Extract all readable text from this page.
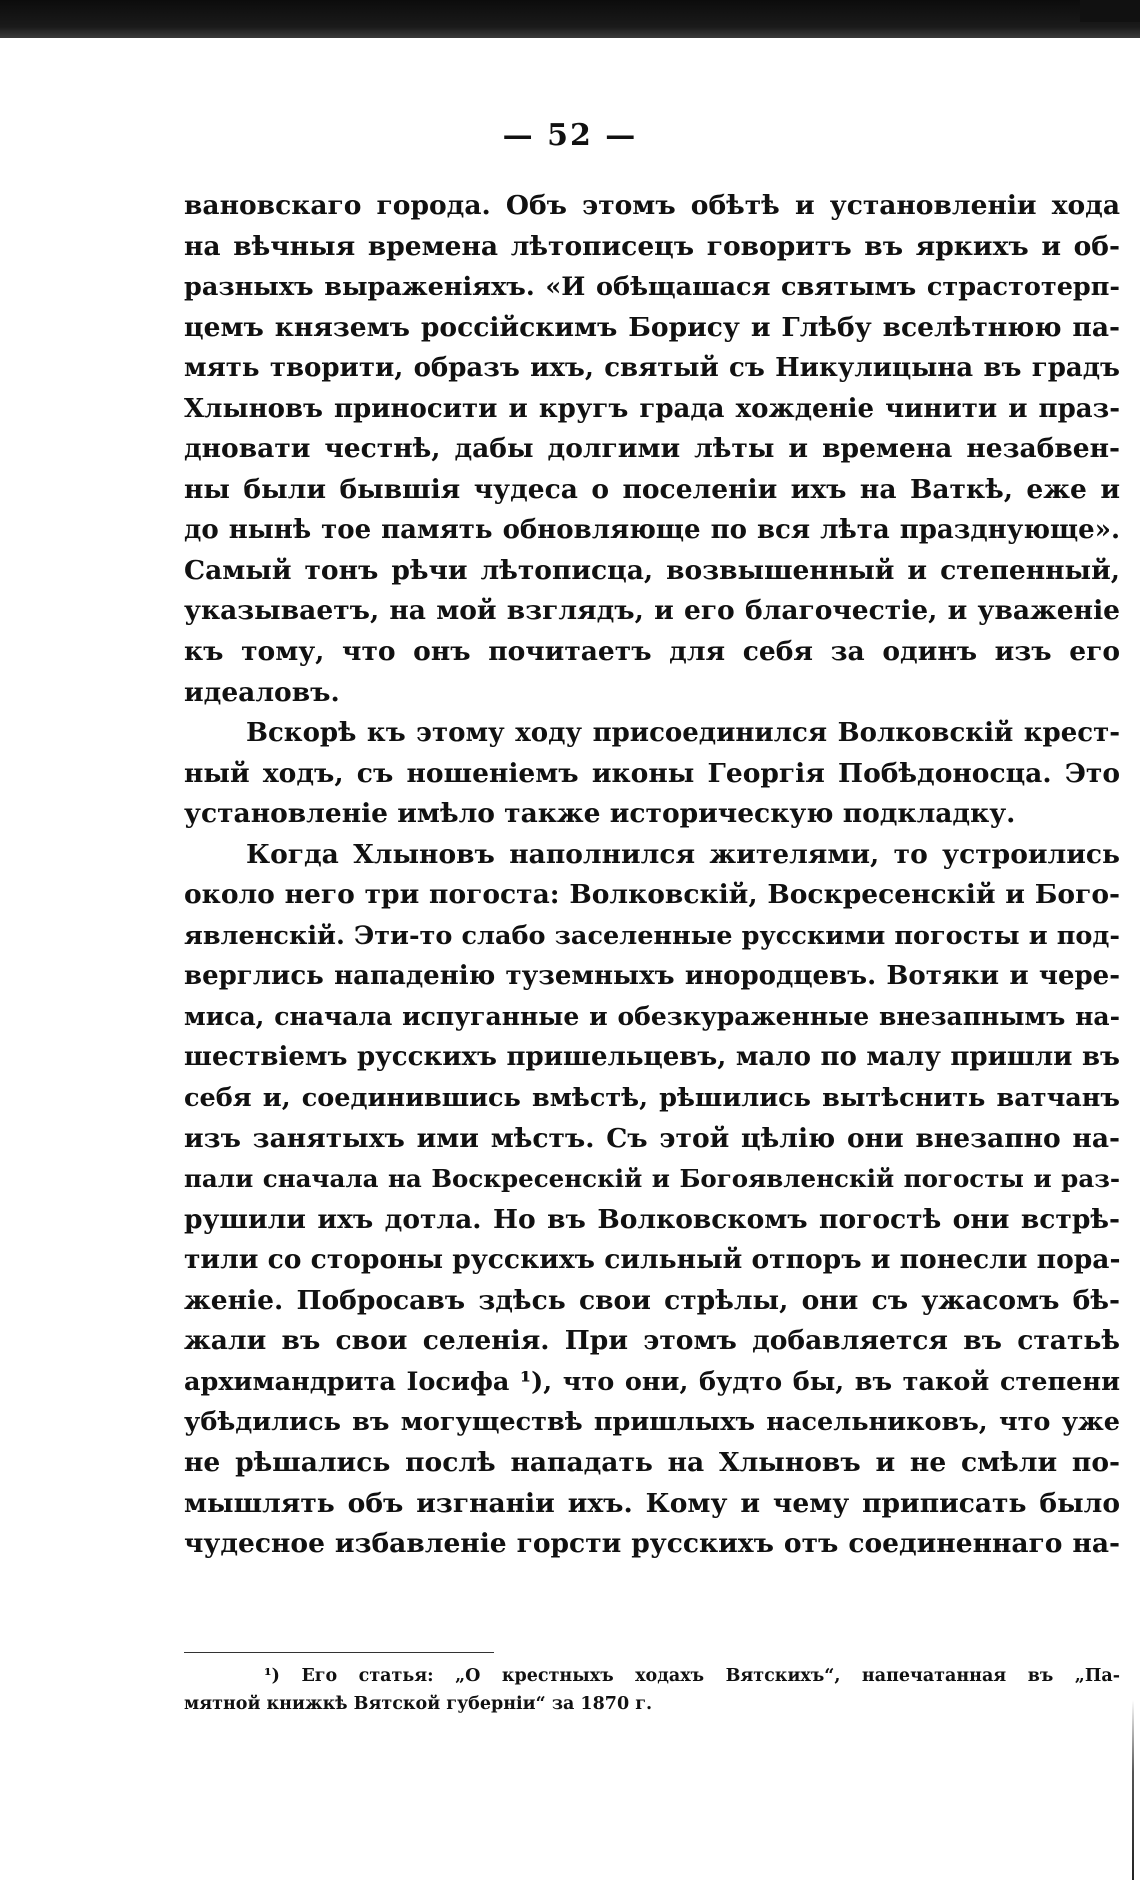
— 52 —
вановскаго города. Объ этомъ обѣтѣ и установленіи хода
на вѣчныя времена лѣтописецъ говоритъ въ яркихъ и об-
разныхъ выраженіяхъ. «И обѣщашася святымъ страстотерп-
цемъ княземъ россійскимъ Борису и Глѣбу вселѣтнюю па-
мять творити, образъ ихъ, святый съ Никулицына въ градъ
Хлыновъ приносити и кругъ града хожденіе чинити и праз-
дновати честнѣ, дабы долгими лѣты и времена незабвен-
ны были бывшія чудеса о поселеніи ихъ на Ваткѣ, еже и
до нынѣ тое память обновляюще по вся лѣта празднующе».
Самый тонъ рѣчи лѣтописца, возвышенный и степенный,
указываетъ, на мой взглядъ, и его благочестіе, и уваженіе
къ тому, что онъ почитаетъ для себя за одинъ изъ его
идеаловъ.
Вскорѣ къ этому ходу присоединился Волковскій крест-
ный ходъ, съ ношеніемъ иконы Георгія Побѣдоносца. Это
установленіе имѣло также историческую подкладку.
Когда Хлыновъ наполнился жителями, то устроились
около него три погоста: Волковскій, Воскресенскій и Бого-
явленскій. Эти-то слабо заселенные русскими погосты и под-
верглись нападенію туземныхъ инородцевъ. Вотяки и чере-
миса, сначала испуганные и обезкураженные внезапнымъ на-
шествіемъ русскихъ пришельцевъ, мало по малу пришли въ
себя и, соединившись вмѣстѣ, рѣшились вытѣснить ватчанъ
изъ занятыхъ ими мѣстъ. Съ этой цѣлію они внезапно на-
пали сначала на Воскресенскій и Богоявленскій погосты и раз-
рушили ихъ дотла. Но въ Волковскомъ погостѣ они встрѣ-
тили со стороны русскихъ сильный отпоръ и понесли пора-
женіе. Побросавъ здѣсь свои стрѣлы, они съ ужасомъ бѣ-
жали въ свои селенія. При этомъ добавляется въ статьѣ
архимандрита Іосифа ¹), что они, будто бы, въ такой степени
убѣдились въ могуществѣ пришлыхъ насельниковъ, что уже
не рѣшались послѣ нападать на Хлыновъ и не смѣли по-
мышлять объ изгнаніи ихъ. Кому и чему приписать было
чудесное избавленіе горсти русскихъ отъ соединеннаго на-
¹) Его статья: „О крестныхъ ходахъ Вятскихъ“, напечатанная въ „Па-
мятной книжкѣ Вятской губерніи“ за 1870 г.
